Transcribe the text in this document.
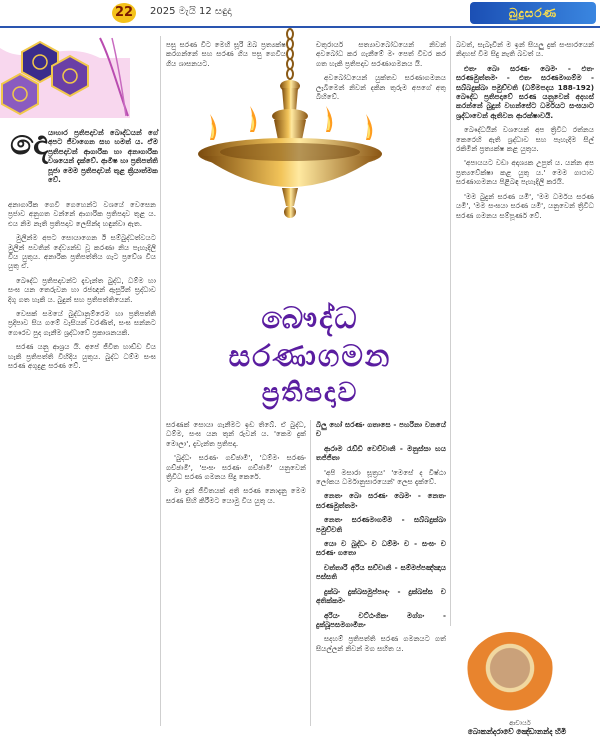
22 2025 මැයි 12 සඳුදා	බුදුසරණ
දෙ යාහාර ප්‍රතිපදාවන් බොද්ධයන් ගේ අපට ජීවාගෙන සහ හමත් ය. ඒම ප්‍රතිපදාවන් ආගාරික හා අනාගාරික වශයෙන් දැක්වේ. ආමිෂ හා ප්‍රතිපත්ති පූජා මෙම ප්‍රතිපදාවන් තුළ ක්‍රියාත්මක වේ.

අනාගාරික ගෙවී ගෙහෙන්ට වශයේ වෙසෙන ප්‍රජාව අනුගත වන්නේ ආගාරික ප්‍රතිපදාව තුළ ය. එය නිම නැති ප්‍රතිපදාව ලෙසින්ද හඳුන්වා ඇත.

මුලින්ම අපට සොයාගෙන ඊ සම්බුද්ධත්වයට මුලින් පවතින් දේව්‍යන්ඩ වූ කරණා නිය පැහැදිලි විය යුතුය. අනාරික ප්‍රතිපත්තිය ගැට ප්‍රවේශ විය යුතු ඒ.

බෞද්ධ ප්‍රතිපදාවන්ට දැවැන්ත බුද්ධ, ධම්ම හා සංඝ යන තෙරුවන හා රජඥන් ඇසුරින් ස්‍රද්ධාව දිගු ගත හැකි ය. බුදුන් සහ ප්‍රතිපත්තියෙන්.

වෙසක් සමයේ බුද්ධානුම්ර‍ෙම හා ප්‍රතිපත්ති ප්‍රදිපාව සිය ගමේ වැසියන් වරණීත්, සංඝ සන්නට ගෞරව පුද ගැනීම ශ්‍රද්ධාවේ ප්‍රකාශනයකි.

සරණ යනු ආශ්‍රය යි. අපේ ජීවිත හාඩ්ඩ විය හැකි ප්‍රතිපත්ති විහිදිය යුතුය. බුද්ධ ධම්ම සංඝ සරණ අගුදුළ සරණ වේ.

පසු සරණ විට මෙහි සූරි ඔබ ප්‍රත්‍යක්ෂ කරගන්නේ සහ සරණ ගිය පසු ගෙවිය ගිය ශාසනයට.

සරණක් සොයා ගැනීමට ඉඩ තිබේ. ඒ බුද්ධ, ධම්ම, සංඝ යන තුන් රුවන් ය. 'කෙම දුක් මොලා', දැවැන්ත ප්‍රතිපදා.

'බුද්ධං සරණං ගච්ඡාමි', 'ධම්මං සරණං ගච්ඡාමි', 'සංඝං සරණං ගච්ඡාමි' යනුවෙන් ත්‍රිවිධ සරණ ගමනය සිදු කෙරේ.

මා දුන් ජීවිතයක් අති සරණ නොදැනු මෙම සරණ සිහි කිරීමට යොමු විය යුතු ය.

චතුරාර්ය සත්‍යාවබෝධයෙන් නිවන් අවබෝධ කර ගැනීමේ මං පෙත් විවර කර ගත හැකි ප්‍රතිපදාව සරණාගමනය යි.

අවබෝධයෙන් යුක්තව සරණාගමනය ලැබීමෙන් නිවන් දකින තුරුම අපගේ අතු බිහිවේ.

බිලු හෝ සරණං ගතාසෙ - පහරිනා වනයේ ච

ආරාම රැඩ්ඩි වෙච්චානි - මනුස්සා භය තජ්ජිතා

'අපි මසාරා සූත්‍රය' 'මෙසේ ද විෂ්ඨා ලෝකය ධර්මානුසාරයෙන්' ලෙස දැක්වේ.

නෙතං බො සරණං ඛෙමං - නෙතං සරණමුත්තමං

නෙතං සරණමාගම්ම - සබ්බදුක්ඛා පමුච්චති

යො ච බුද්ධං ච ධම්මං ච - සංඝං ච සරණං ගතො

චත්තාරි අරිය සච්චානි - සම්මප්පඤ්ඤාය පස්සති

දුක්ඛං දුක්ඛසමුප්පාදං - දුක්ඛස්ස ච අතික්කමං

අරියං චට්ඨංගිකං මග්ගං - දුක්ඛූපසමගාමිනං

සදහම් ප්‍රතිපත්ති සරණ ගමනයට ගත් සියල්ලන් නිවන් මග සහිත ය.

බවත්, සැබෑවින් ම ඉන් සියලු දුක් සංසාරයෙන් නිදහස් වීම සිදු නැති බවත් ය.

එතං බො සරණං ඛෙමං - එතං සරණමුත්තමං - එතං සරණමාගම්ම - සබ්බදුක්ඛා පමුච්චති (ධම්මපදය 188-192) බෞද්ධ ප්‍රතිපදාවේ සරණ යනුවෙන් අදහස් කරන්නේ බුදුන් වහන්සේට ධර්මයට සංඝයාට ශ්‍රද්ධාවෙන් ඇතිවන ආරක්ෂාවයි.

බෞද්ධයින් වශයෙන් අප ත්‍රිවිධ රත්නය කෙරෙහි ඇති ශ්‍රද්ධාව සහ පැහැදීම සිල් රකිමින් ප්‍රත්‍යක්ෂ කළ යුතුය.

'අපායයට වඩා අදෘශ්‍යක උපුත් ය. යන්න අප ප්‍රත්‍යවේක්ෂා කළ යුතු ය.' මෙම ගාථාව සරණාගමනය පිළිබඳ පැහැදිලි කරයි.

'මම බුදුන් සරණ යමි', 'මම ධර්මය සරණ යමි', 'මම සංඝයා සරණ යමි', යනුවෙන් ත්‍රිවිධ සරණ ගමනය සම්පූර්ණ වේ.

බෞද්ධ සරණාගමන
ප්‍රතිපදාව
ආචාර්ය
බොකන්දරාවේ ඤේඩානන්ද හිමි
